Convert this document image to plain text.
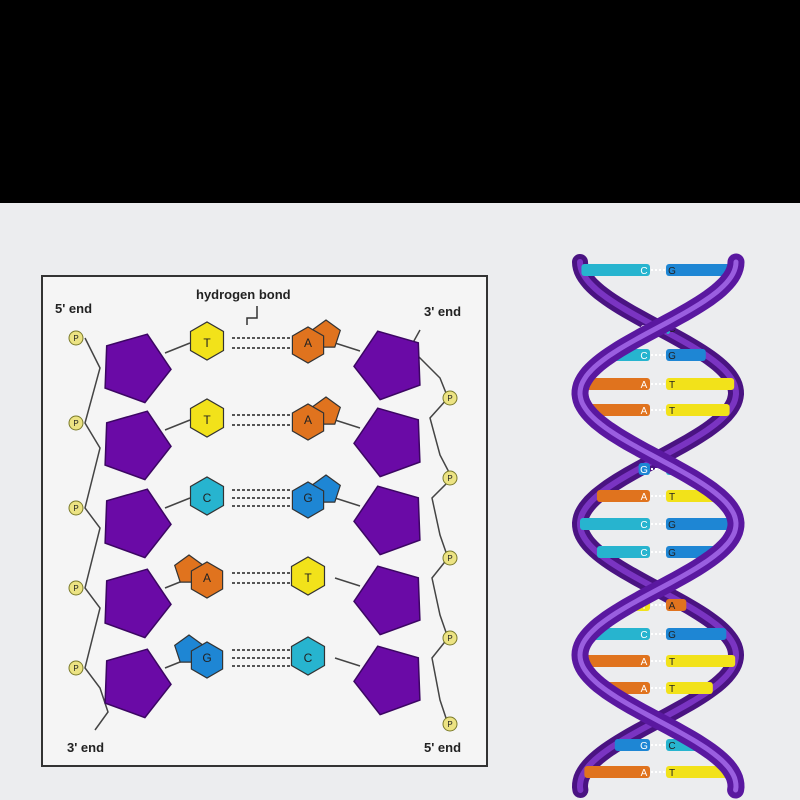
5' end
hydrogen bond
3' end
3' end	5' end
P
P
P
P
P
P
P
P
P
P
T	A
T	A
C	G
A	T
G	C
C G
G C
C G
A T
A T
G C
A T
C G
C G
T A
C G
A T
A T
G C
A T
